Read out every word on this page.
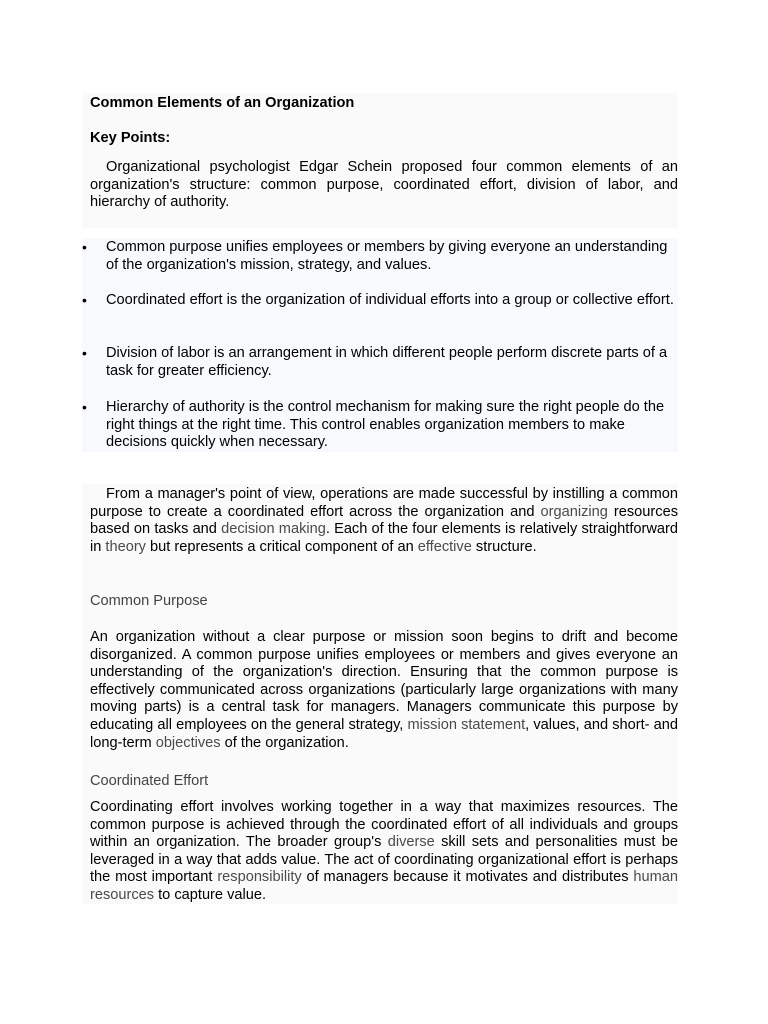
Common Elements of an Organization
Key Points:
Organizational psychologist Edgar Schein proposed four common elements of an organization's structure: common purpose, coordinated effort, division of labor, and hierarchy of authority.
•	Common purpose unifies employees or members by giving everyone an understanding of the organization's mission, strategy, and values.
•	Coordinated effort is the organization of individual efforts into a group or collective effort.
•	Division of labor is an arrangement in which different people perform discrete parts of a task for greater efficiency.
•	Hierarchy of authority is the control mechanism for making sure the right people do the right things at the right time. This control enables organization members to make decisions quickly when necessary.
From a manager's point of view, operations are made successful by instilling a common purpose to create a coordinated effort across the organization and organizing resources based on tasks and decision making. Each of the four elements is relatively straightforward in theory but represents a critical component of an effective structure.
Common Purpose
An organization without a clear purpose or mission soon begins to drift and become disorganized. A common purpose unifies employees or members and gives everyone an understanding of the organization's direction. Ensuring that the common purpose is effectively communicated across organizations (particularly large organizations with many moving parts) is a central task for managers. Managers communicate this purpose by educating all employees on the general strategy, mission statement, values, and short- and long-term objectives of the organization.
Coordinated Effort
Coordinating effort involves working together in a way that maximizes resources. The common purpose is achieved through the coordinated effort of all individuals and groups within an organization. The broader group's diverse skill sets and personalities must be leveraged in a way that adds value. The act of coordinating organizational effort is perhaps the most important responsibility of managers because it motivates and distributes human resources to capture value.
